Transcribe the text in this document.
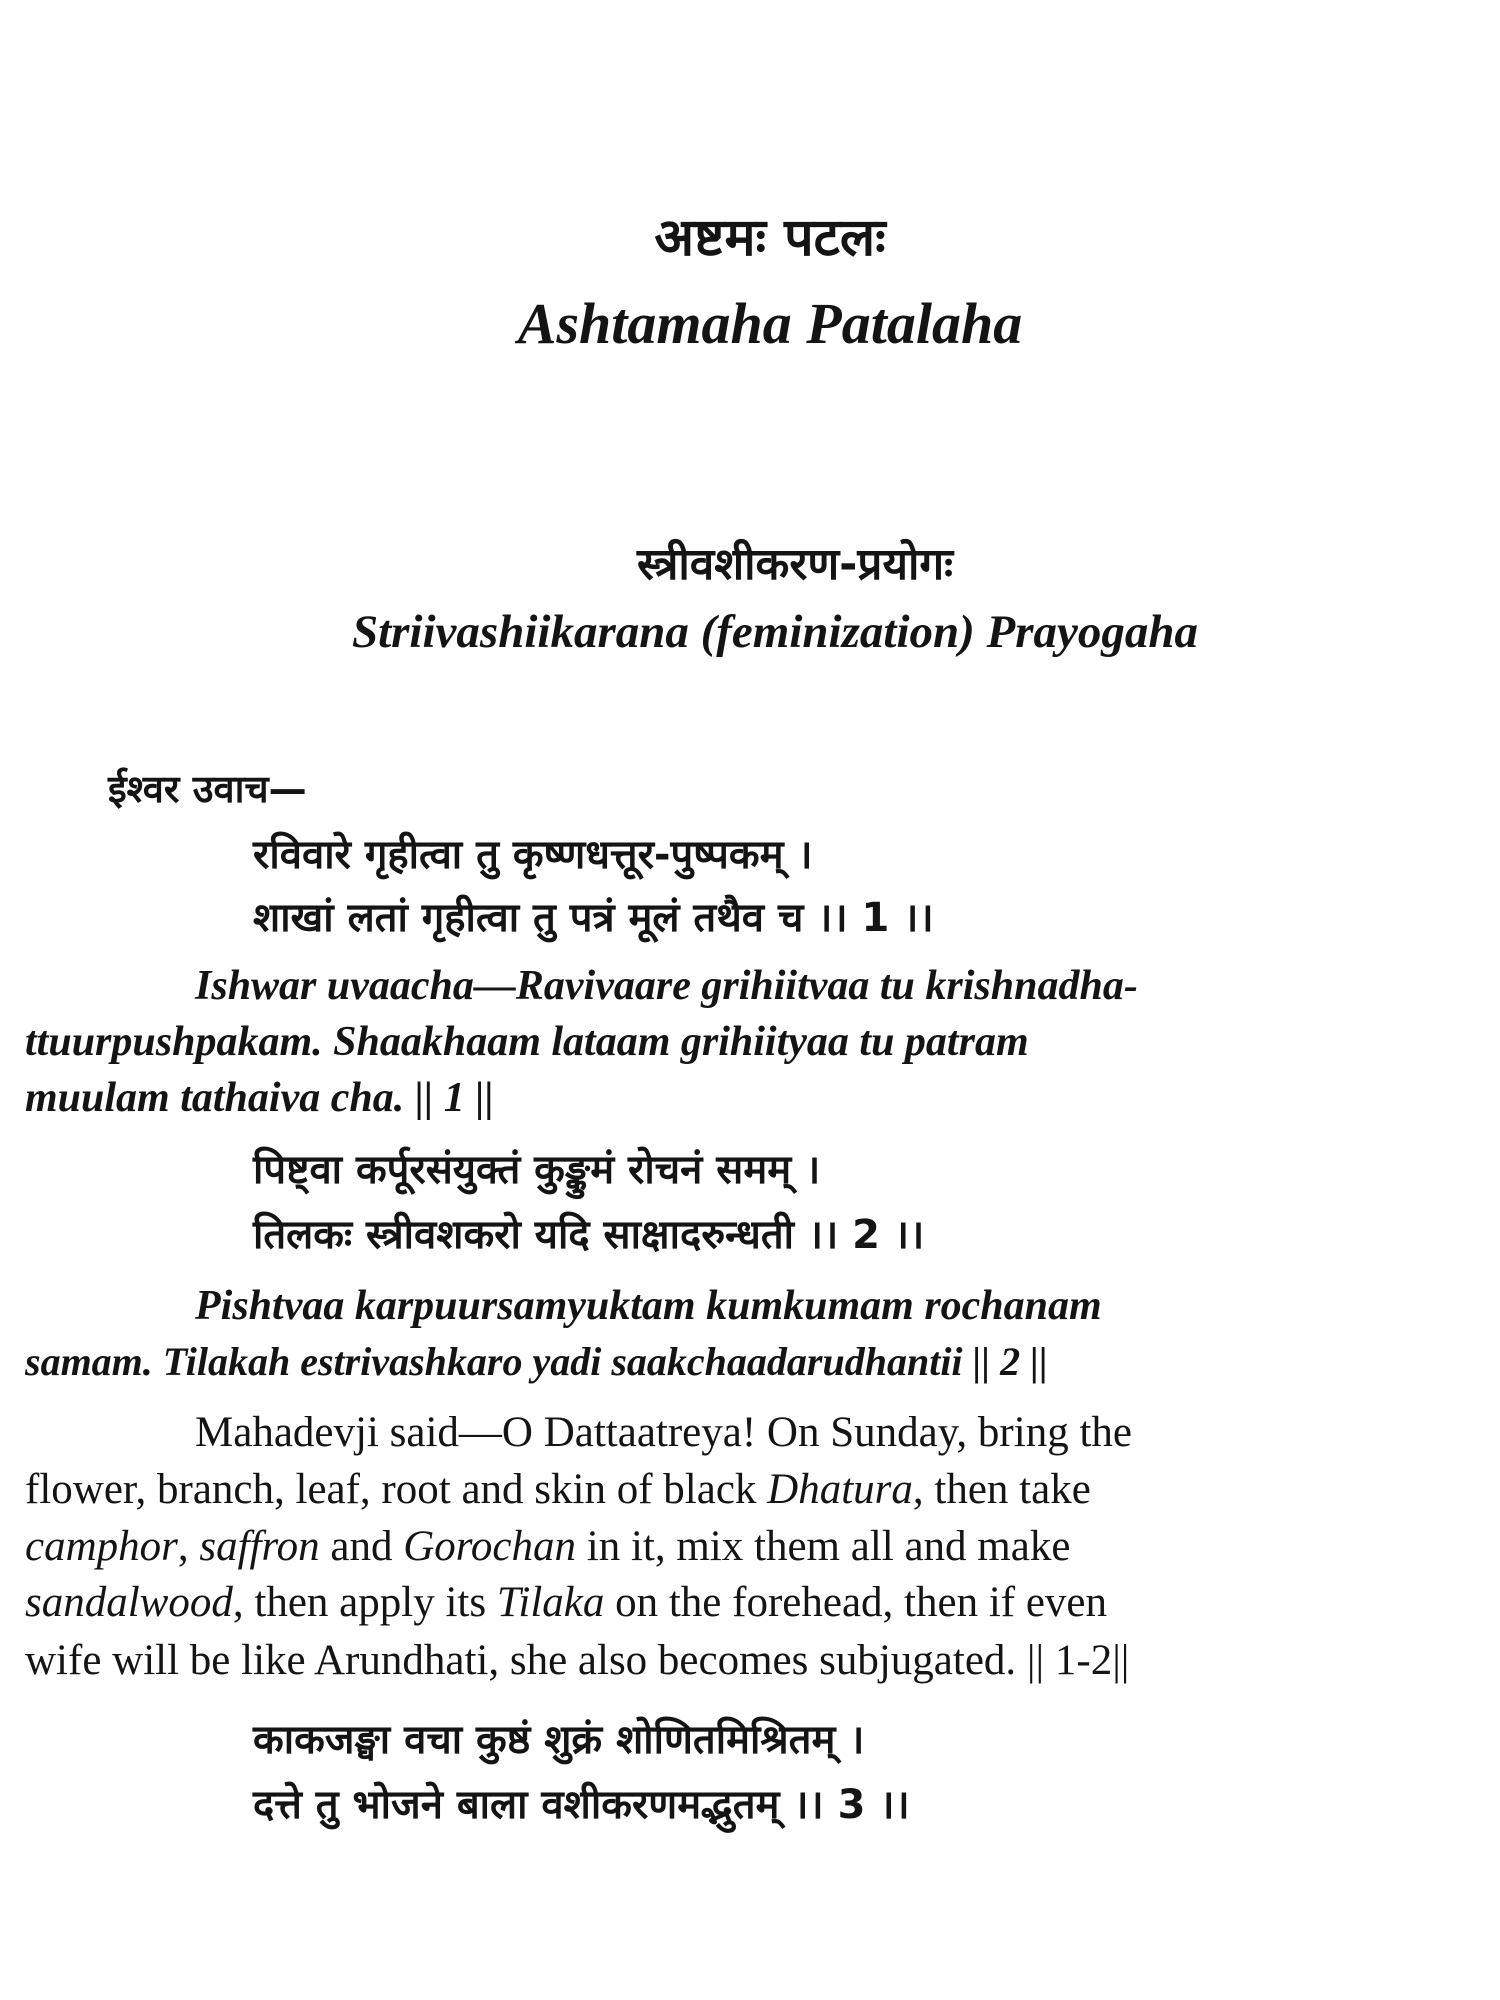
अष्टमः पटलः
Ashtamaha Patalaha
स्त्रीवशीकरण-प्रयोगः
Striivashiikarana (feminization) Prayogaha
ईश्वर उवाच—
रविवारे गृहीत्वा तु कृष्णधत्तूर-पुष्पकम् ।
शाखां लतां गृहीत्वा तु पत्रं मूलं तथैव च ।। 1 ।।
Ishwar uvaacha—Ravivaare grihiitvaa tu krishnadha-
ttuurpushpakam. Shaakhaam lataam grihiityaa tu patram
muulam tathaiva cha. || 1 ||
पिष्ट्वा कर्पूरसंयुक्तं कुङ्कुमं रोचनं समम् ।
तिलकः स्त्रीवशकरो यदि साक्षादरुन्धती ।। 2 ।।
Pishtvaa karpuursamyuktam kumkumam rochanam
samam. Tilakah estrivashkaro yadi saakchaadarudhantii || 2 ||
Mahadevji said—O Dattaatreya! On Sunday, bring the
flower, branch, leaf, root and skin of black Dhatura, then take
camphor, saffron and Gorochan in it, mix them all and make
sandalwood, then apply its Tilaka on the forehead, then if even
wife will be like Arundhati, she also becomes subjugated. || 1-2||
काकजङ्घा वचा कुष्ठं शुक्रं शोणितमिश्रितम् ।
दत्ते तु भोजने बाला वशीकरणमद्भुतम् ।। 3 ।।
